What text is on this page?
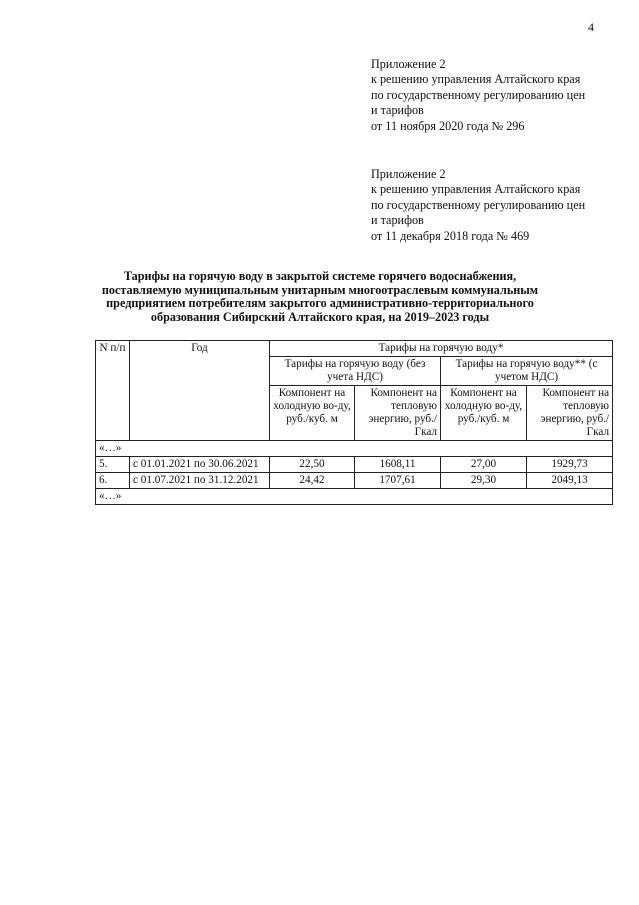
4
Приложение 2
к решению управления Алтайского края
по государственному регулированию цен
и тарифов
от 11 ноября 2020 года № 296
Приложение 2
к решению управления Алтайского края
по государственному регулированию цен
и тарифов
от 11 декабря 2018 года № 469
Тарифы на горячую воду в закрытой системе горячего водоснабжения,
поставляемую муниципальным унитарным многоотраслевым коммунальным
предприятием потребителям закрытого административно-территориального
образования Сибирский Алтайского края, на 2019–2023 годы
N п/п	Год	Тарифы на горячую воду*			
		Тарифы на горячую воду (без учета НДС)		Тарифы на горячую воду** (с учетом НДС)	
		Компонент на холодную во-ду, руб./куб. м	Компонент на тепловую энергию, руб./Гкал	Компонент на холодную во-ду, руб./куб. м	Компонент на тепловую энергию, руб./Гкал
«…»					
5.	с 01.01.2021 по 30.06.2021	22,50	1608,11	27,00	1929,73
6.	с 01.07.2021 по 31.12.2021	24,42	1707,61	29,30	2049,13
«…»					
